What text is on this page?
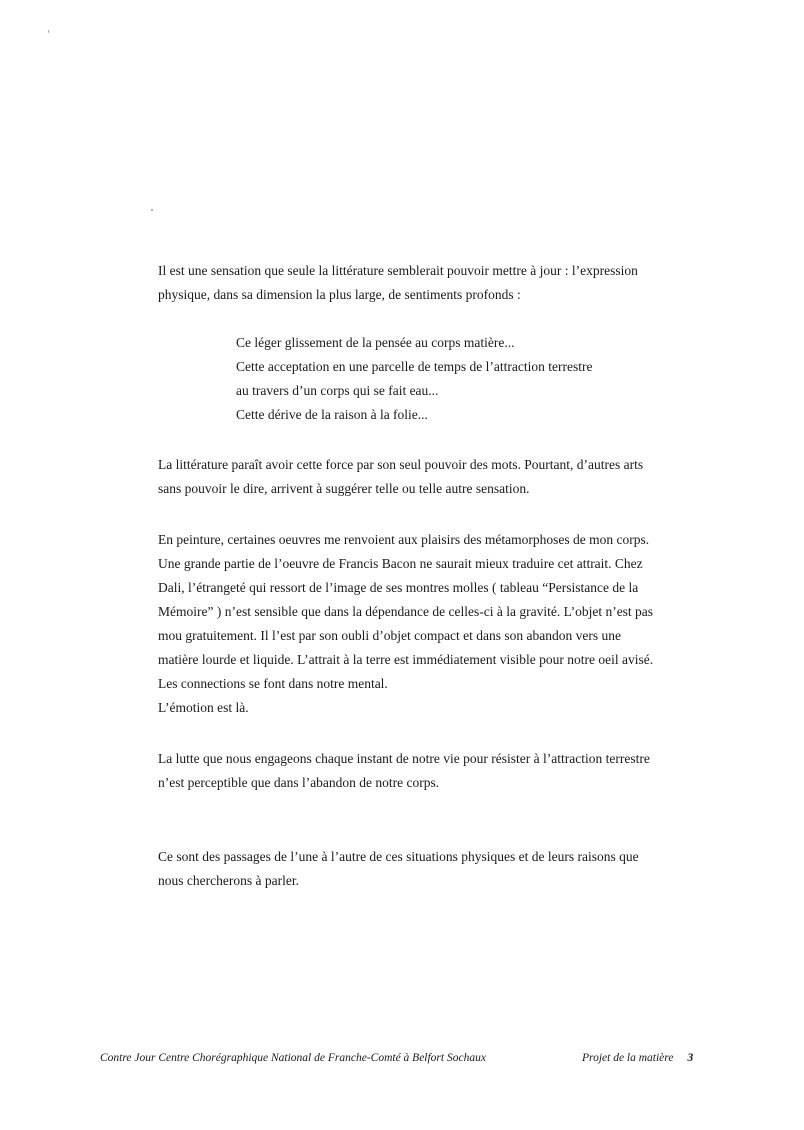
Il est une sensation que seule la littérature semblerait pouvoir mettre à jour : l’expression
physique, dans sa dimension la plus large, de sentiments profonds :

Ce léger glissement de la pensée au corps matière...
Cette acceptation en une parcelle de temps de l’attraction terrestre
au travers d’un corps qui se fait eau...
Cette dérive de la raison à la folie...

La littérature paraît avoir cette force par son seul pouvoir des mots. Pourtant, d’autres arts
sans pouvoir le dire, arrivent à suggérer telle ou telle autre sensation.

En peinture, certaines oeuvres me renvoient aux plaisirs des métamorphoses de mon corps.
Une grande partie de l’oeuvre de Francis Bacon ne saurait mieux traduire cet attrait. Chez
Dali, l’étrangeté qui ressort de l’image de ses montres molles ( tableau “Persistance de la
Mémoire” ) n’est sensible que dans la dépendance de celles-ci à la gravité. L’objet n’est pas
mou gratuitement. Il l’est par son oubli d’objet compact et dans son abandon vers une
matière lourde et liquide. L’attrait à la terre est immédiatement visible pour notre oeil avisé.
Les connections se font dans notre mental.
L’émotion est là.

La lutte que nous engageons chaque instant de notre vie pour résister à l’attraction terrestre
n’est perceptible que dans l’abandon de notre corps.

Ce sont des passages de l’une à l’autre de ces situations physiques et de leurs raisons que
nous chercherons à parler.

Contre Jour Centre Chorégraphique National de Franche-Comté à Belfort Sochaux	Projet de la matière 3
